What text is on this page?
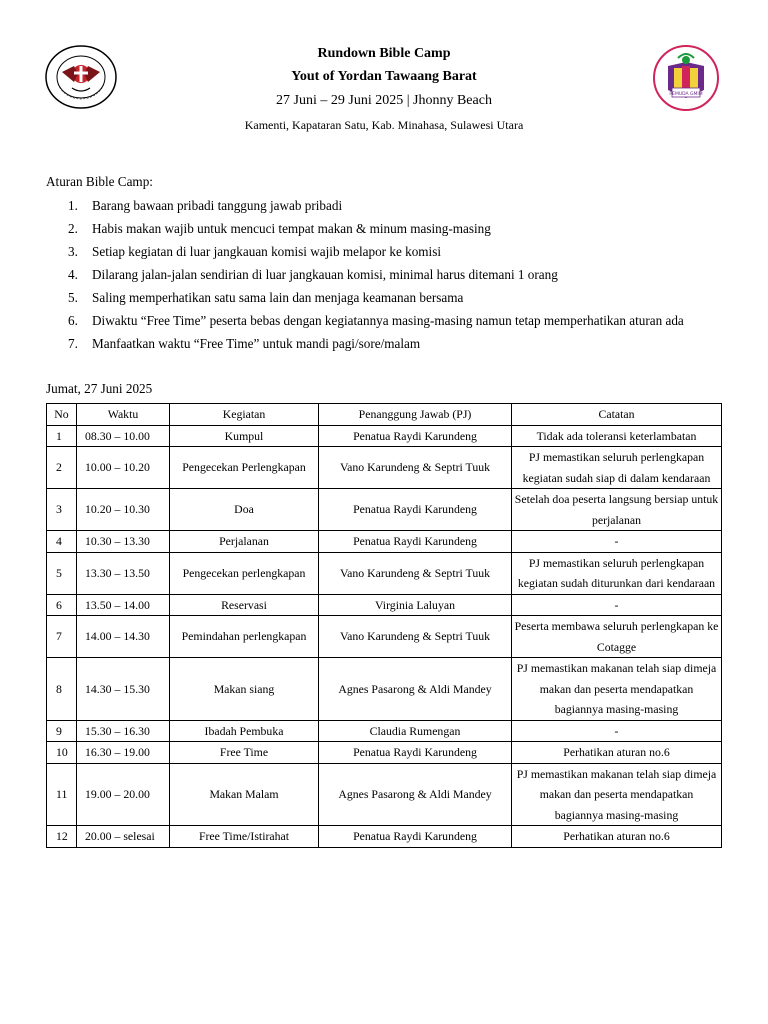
PEMUDA GMIM
Rundown Bible Camp
Yout of Yordan Tawaang Barat
27 Juni – 29 Juni 2025 | Jhonny Beach
Kamenti, Kapataran Satu, Kab. Minahasa, Sulawesi Utara
Aturan Bible Camp:
1.	Barang bawaan pribadi tanggung jawab pribadi
2.	Habis makan wajib untuk mencuci tempat makan & minum masing-masing
3.	Setiap kegiatan di luar jangkauan komisi wajib melapor ke komisi
4.	Dilarang jalan-jalan sendirian di luar jangkauan komisi, minimal harus ditemani 1 orang
5.	Saling memperhatikan satu sama lain dan menjaga keamanan bersama
6.	Diwaktu “Free Time” peserta bebas dengan kegiatannya masing-masing namun tetap memperhatikan aturan ada
7.	Manfaatkan waktu “Free Time” untuk mandi pagi/sore/malam
Jumat, 27 Juni 2025
No	Waktu	Kegiatan	Penanggung Jawab (PJ)	Catatan
1	08.30 – 10.00	Kumpul	Penatua Raydi Karundeng	Tidak ada toleransi keterlambatan
2	10.00 – 10.20	Pengecekan Perlengkapan	Vano Karundeng & Septri Tuuk	PJ memastikan seluruh perlengkapan kegiatan sudah siap di dalam kendaraan
3	10.20 – 10.30	Doa	Penatua Raydi Karundeng	Setelah doa peserta langsung bersiap untuk perjalanan
4	10.30 – 13.30	Perjalanan	Penatua Raydi Karundeng	-
5	13.30 – 13.50	Pengecekan perlengkapan	Vano Karundeng & Septri Tuuk	PJ memastikan seluruh perlengkapan kegiatan sudah diturunkan dari kendaraan
6	13.50 – 14.00	Reservasi	Virginia Laluyan	-
7	14.00 – 14.30	Pemindahan perlengkapan	Vano Karundeng & Septri Tuuk	Peserta membawa seluruh perlengkapan ke Cotagge
8	14.30 – 15.30	Makan siang	Agnes Pasarong & Aldi Mandey	PJ memastikan makanan telah siap dimeja makan dan peserta mendapatkan bagiannya masing-masing
9	15.30 – 16.30	Ibadah Pembuka	Claudia Rumengan	-
10	16.30 – 19.00	Free Time	Penatua Raydi Karundeng	Perhatikan aturan no.6
11	19.00 – 20.00	Makan Malam	Agnes Pasarong & Aldi Mandey	PJ memastikan makanan telah siap dimeja makan dan peserta mendapatkan bagiannya masing-masing
12	20.00 – selesai	Free Time/Istirahat	Penatua Raydi Karundeng	Perhatikan aturan no.6
